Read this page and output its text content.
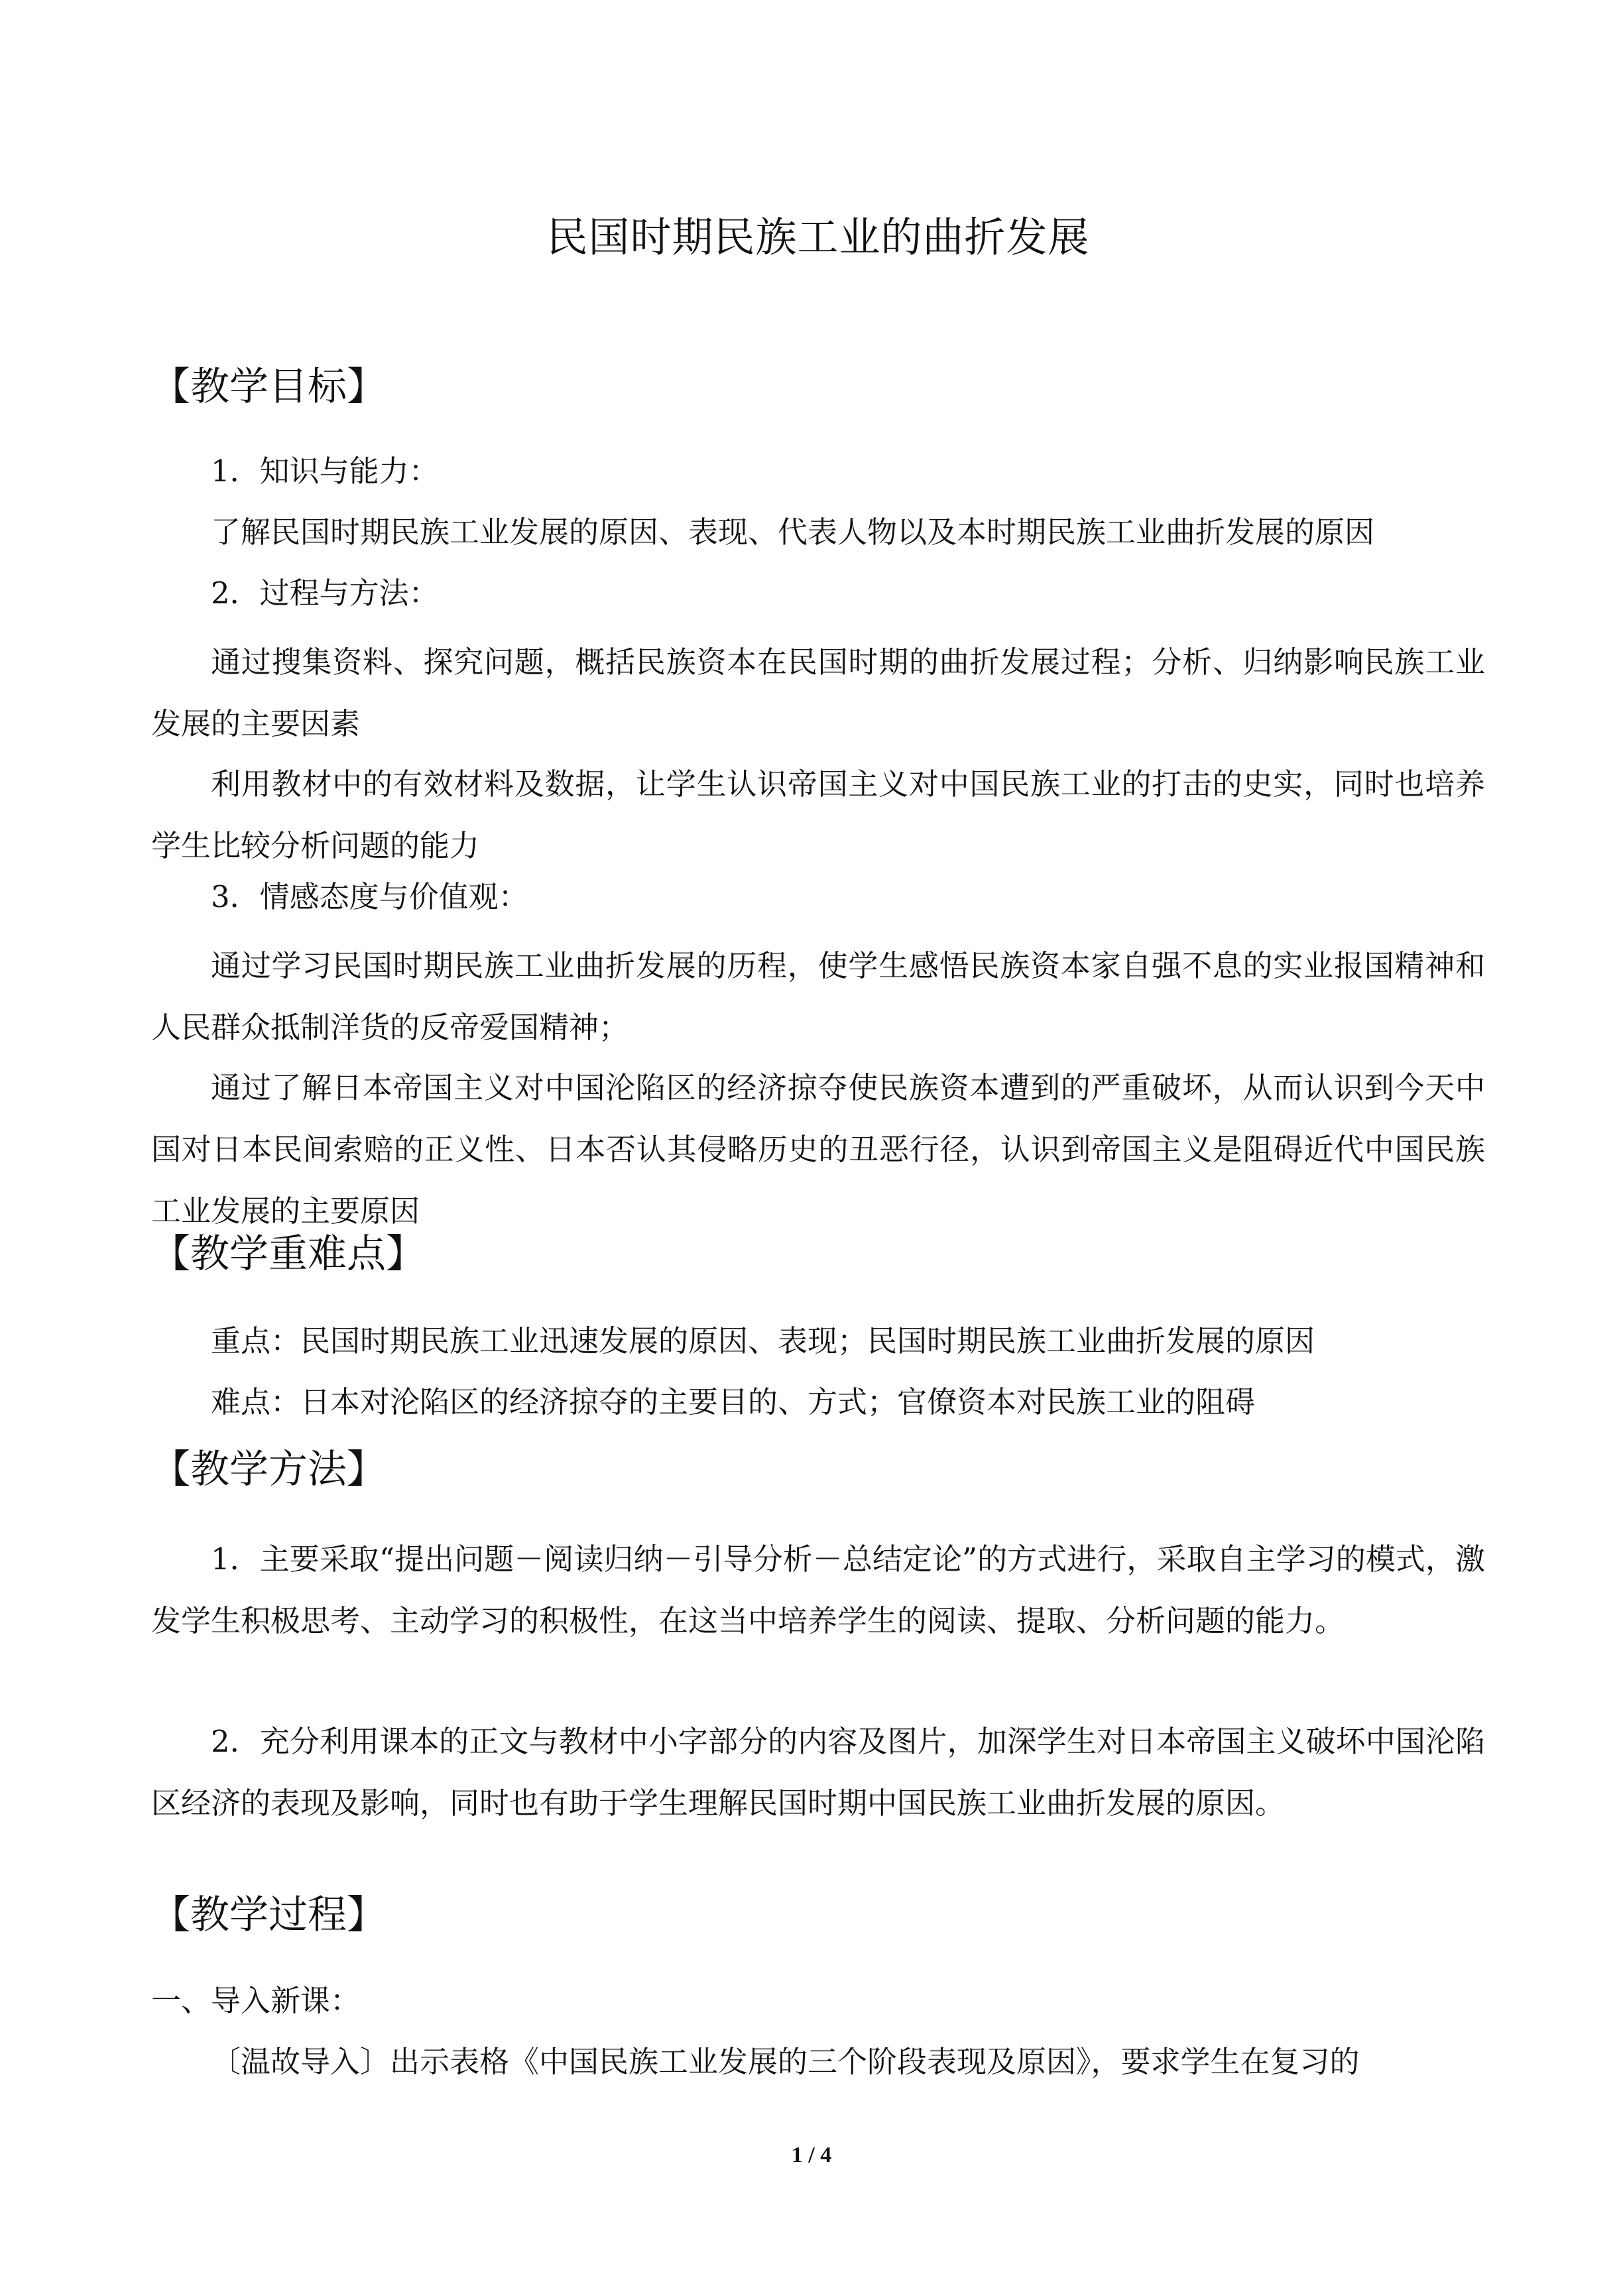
民国时期民族工业的曲折发展
【教学目标】
1．知识与能力：
了解民国时期民族工业发展的原因、表现、代表人物以及本时期民族工业曲折发展的原因
2．过程与方法：
通过搜集资料、探究问题，概括民族资本在民国时期的曲折发展过程；分析、归纳影响民族工业发展的主要因素
利用教材中的有效材料及数据，让学生认识帝国主义对中国民族工业的打击的史实，同时也培养学生比较分析问题的能力
3．情感态度与价值观：
通过学习民国时期民族工业曲折发展的历程，使学生感悟民族资本家自强不息的实业报国精神和人民群众抵制洋货的反帝爱国精神；
通过了解日本帝国主义对中国沦陷区的经济掠夺使民族资本遭到的严重破坏，从而认识到今天中国对日本民间索赔的正义性、日本否认其侵略历史的丑恶行径，认识到帝国主义是阻碍近代中国民族工业发展的主要原因
【教学重难点】
重点：民国时期民族工业迅速发展的原因、表现；民国时期民族工业曲折发展的原因
难点：日本对沦陷区的经济掠夺的主要目的、方式；官僚资本对民族工业的阻碍
【教学方法】
1．主要采取“提出问题－阅读归纳－引导分析－总结定论”的方式进行，采取自主学习的模式，激发学生积极思考、主动学习的积极性，在这当中培养学生的阅读、提取、分析问题的能力。
2．充分利用课本的正文与教材中小字部分的内容及图片，加深学生对日本帝国主义破坏中国沦陷区经济的表现及影响，同时也有助于学生理解民国时期中国民族工业曲折发展的原因。
【教学过程】
一、导入新课：
〔温故导入〕出示表格《中国民族工业发展的三个阶段表现及原因》，要求学生在复习的
1 / 4
